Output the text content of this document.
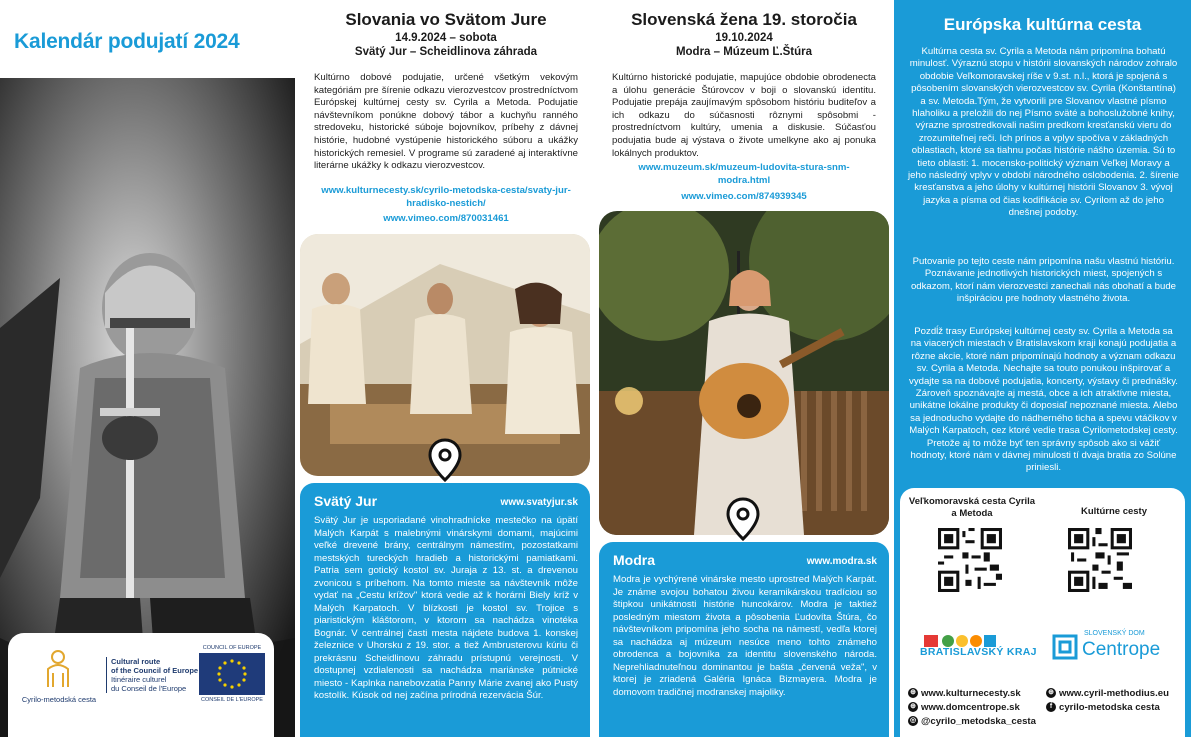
Kalendár podujatí 2024
Cyrilo-metodská cesta
Cultural route
of the Council of Europe
Itinéraire culturel
du Conseil de l'Europe
COUNCIL OF EUROPE
CONSEIL DE L'EUROPE
Slovania vo Svätom Jure
14.9.2024 – sobota
Svätý Jur – Scheidlinova záhrada
Kultúrno dobové podujatie, určené všetkým vekovým kategóriám pre šírenie odkazu vierozvestcov prostredníctvom Európskej kultúrnej cesty sv. Cyrila a Metoda. Podujatie návštevníkom ponúkne dobový tábor a kuchyňu ranného stredoveku, historické súboje bojovníkov, príbehy z dávnej histórie, hudobné vystúpenie historického súboru a ukážky historických remesiel. V programe sú zaradené aj interaktívne literárne ukážky k odkazu vierozvestcov.
www.kulturnecesty.sk/cyrilo-metodska-cesta/svaty-jur-hradisko-nestich/
www.vimeo.com/870031461
Svätý Jur	www.svatyjur.sk
Svätý Jur je usporiadané vinohradnícke mestečko na úpätí Malých Karpát s malebnými vinárskymi domami, majúcimi veľké drevené brány, centrálnym námestím, pozostatkami mestských tureckých hradieb a historickými pamiatkami. Patria sem gotický kostol sv. Juraja z 13. st. a drevenou zvonicou s príbehom. Na tomto mieste sa návštevník môže vydať na „Cestu krížov" ktorá vedie až k horárni Biely kríž v Malých Karpatoch. V blízkosti je kostol sv. Trojice s piaristickým kláštorom, v ktorom sa nachádza vinotéka Bognár. V centrálnej časti mesta nájdete budova 1. konskej železnice v Uhorsku z 19. stor. a tiež Ambrusterovu kúriu či prekrásnu Scheidlinovu záhradu prístupnú verejnosti. V dostupnej vzdialenosti sa nachádza mariánske pútnické miesto - Kaplnka nanebovzatia Panny Márie zvanej ako Pustý kostolík. Kúsok od nej začína prírodná rezervácia Šúr.
Slovenská žena 19. storočia
19.10.2024
Modra – Múzeum Ľ.Štúra
Kultúrno historické podujatie, mapujúce obdobie obrodenecta a úlohu generácie Štúrovcov v boji o slovanskú identitu. Podujatie prepája zaujímavým spôsobom históriu buditeľov a ich odkazu do súčasnosti rôznymi spôsobmi - prostredníctvom kultúry, umenia a diskusie. Súčasťou podujatia bude aj výstava o živote umelkyne ako aj ponuka lokálnych produktov.
www.muzeum.sk/muzeum-ludovita-stura-snm-modra.html
www.vimeo.com/874939345
Modra	www.modra.sk
Modra je vychýrené vinárske mesto uprostred Malých Karpát. Je známe svojou bohatou živou keramikárskou tradíciou so štipkou unikátnosti histórie huncokárov. Modra je taktiež posledným miestom života a pôsobenia Ľudovíta Štúra, čo návštevníkom pripomína jeho socha na námestí, vedľa ktorej sa nachádza aj múzeum nesúce meno tohto známeho obrodenca a bojovníka za identitu slovenského národa. Neprehliadnuteľnou dominantou je bašta „červená veža", v ktorej je zriadená Galéria Ignáca Bizmayera. Modra je domovom tradičnej modranskej majoliky.
Európska kultúrna cesta
Kultúrna cesta sv. Cyrila a Metoda nám pripomína bohatú minulosť. Výraznú stopu v histórii slovanských národov zohralo obdobie Veľkomoravskej ríše v 9.st. n.l., ktorá je spojená s pôsobením slovanských vierozvestcov sv. Cyrila (Konštantína) a sv. Metoda.Tým, že vytvorili pre Slovanov vlastné písmo hlaholiku a preložili do nej Písmo sväté a bohoslužobné knihy, výrazne sprostredkovali našim predkom kresťanskú vieru do zrozumiteľnej reči. Ich prínos a vplyv spočíva v základných oblastiach, ktoré sa tiahnu počas histórie nášho územia. Sú to tieto oblasti: 1. mocensko-politický význam Veľkej Moravy a jeho následný vplyv v období národného oslobodenia. 2. šírenie kresťanstva a jeho úlohy v kultúrnej histórii Slovanov 3. vývoj jazyka a písma od čias kodifikácie sv. Cyrilom až do jeho dnešnej podoby.
Putovanie po tejto ceste nám pripomína našu vlastnú históriu. Poznávanie jednotlivých historických miest, spojených s odkazom, ktorí nám vierozvestci zanechali nás obohatí a bude inšpiráciou pre hodnoty vlastného života.
Pozdĺž trasy Európskej kultúrnej cesty sv. Cyrila a Metoda sa na viacerých miestach v Bratislavskom kraji konajú podujatia a rôzne akcie, ktoré nám pripomínajú hodnoty a význam odkazu sv. Cyrila a Metoda. Nechajte sa touto ponukou inšpirovať a vydajte sa na dobové podujatia, koncerty, výstavy či prednášky. Zároveň spoznávajte aj mestá, obce a ich atraktívne miesta, unikátne lokálne produkty či doposiaľ nepoznané miesta. Alebo sa jednoducho vydajte do nádherného ticha a spevu vtáčikov v Malých Karpatoch, cez ktoré vedie trasa Cyrilometodskej cesty. Pretože aj to môže byť ten správny spôsob ako si vážiť hodnoty, ktoré nám v dávnej minulosti tí dvaja bratia zo Solúne priniesli.
Veľkomoravská cesta Cyrila a Metoda	Kultúrne cesty
BRATISLAVSKÝ KRAJ
SLOVENSKÝ DOM
Centrope
⊕ www.kulturnecesty.sk
⊕ www.domcentrope.sk
◎ @cyrilo_metodska_cesta
⊕ www.cyril-methodius.eu
f cyrilo-metodska cesta
